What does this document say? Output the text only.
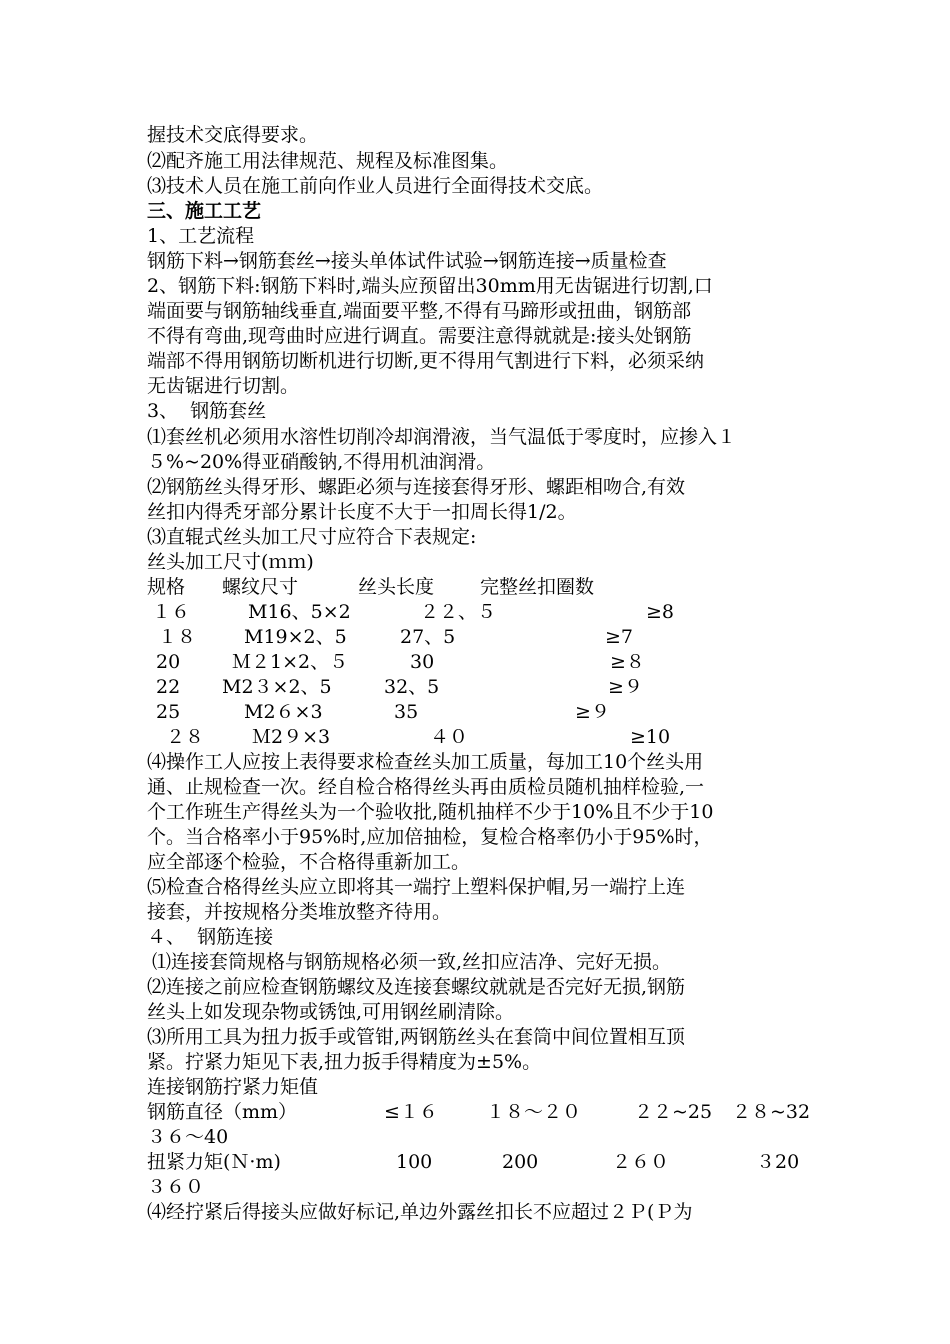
握技术交底得要求。
⑵配齐施工用法律规范、规程及标准图集。
⑶技术人员在施工前向作业人员进行全面得技术交底。
三、施工工艺
1、工艺流程
钢筋下料→钢筋套丝→接头单体试件试验→钢筋连接→质量检查
2、钢筋下料:钢筋下料时,端头应预留出30mm用无齿锯进行切割,口
端面要与钢筋轴线垂直,端面要平整,不得有马蹄形或扭曲，钢筋部
不得有弯曲,现弯曲时应进行调直。需要注意得就就是:接头处钢筋
端部不得用钢筋切断机进行切断,更不得用气割进行下料，必须采纳
无齿锯进行切割。
3、  钢筋套丝
⑴套丝机必须用水溶性切削冷却润滑液，当气温低于零度时，应掺入１
５%~20%得亚硝酸钠,不得用机油润滑。
⑵钢筋丝头得牙形、螺距必须与连接套得牙形、螺距相吻合,有效
丝扣内得秃牙部分累计长度不大于一扣周长得1/2。
⑶直辊式丝头加工尺寸应符合下表规定:
丝头加工尺寸(ｍｍ)
规格 螺纹尺寸	丝头长度 完整丝扣圈数
１６	M16、5×2	２２、５	≥8
１８	M19×2、5	27、5	≥7
20	Ｍ２1×2、５	30	≥８
22 M2３×2、5	32、5	≥９
25	M2６×3	35	≥９
２８	Ｍ2９×3	４０	≥10
⑷操作工人应按上表得要求检查丝头加工质量，每加工10个丝头用
通、止规检查一次。经自检合格得丝头再由质检员随机抽样检验,一
个工作班生产得丝头为一个验收批,随机抽样不少于10%且不少于10
个。当合格率小于95%时,应加倍抽检，复检合格率仍小于95%时，
应全部逐个检验，不合格得重新加工。
⑸检查合格得丝头应立即将其一端拧上塑料保护帽,另一端拧上连
接套，并按规格分类堆放整齐待用。
４、  钢筋连接
⑴连接套筒规格与钢筋规格必须一致,丝扣应洁净、完好无损。
⑵连接之前应检查钢筋螺纹及连接套螺纹就就是否完好无损,钢筋
丝头上如发现杂物或锈蚀,可用钢丝刷清除。
⑶所用工具为扭力扳手或管钳,两钢筋丝头在套筒中间位置相互顶
紧。拧紧力矩见下表,扭力扳手得精度为±5%。
连接钢筋拧紧力矩值
钢筋直径（mm）	≤１６	１８～２０	２２~25 ２８~32
３６～40
扭紧力矩(Ｎ·m)	100	200	２６０	３20
３６０
⑷经拧紧后得接头应做好标记,单边外露丝扣长不应超过２Ｐ(Ｐ为
